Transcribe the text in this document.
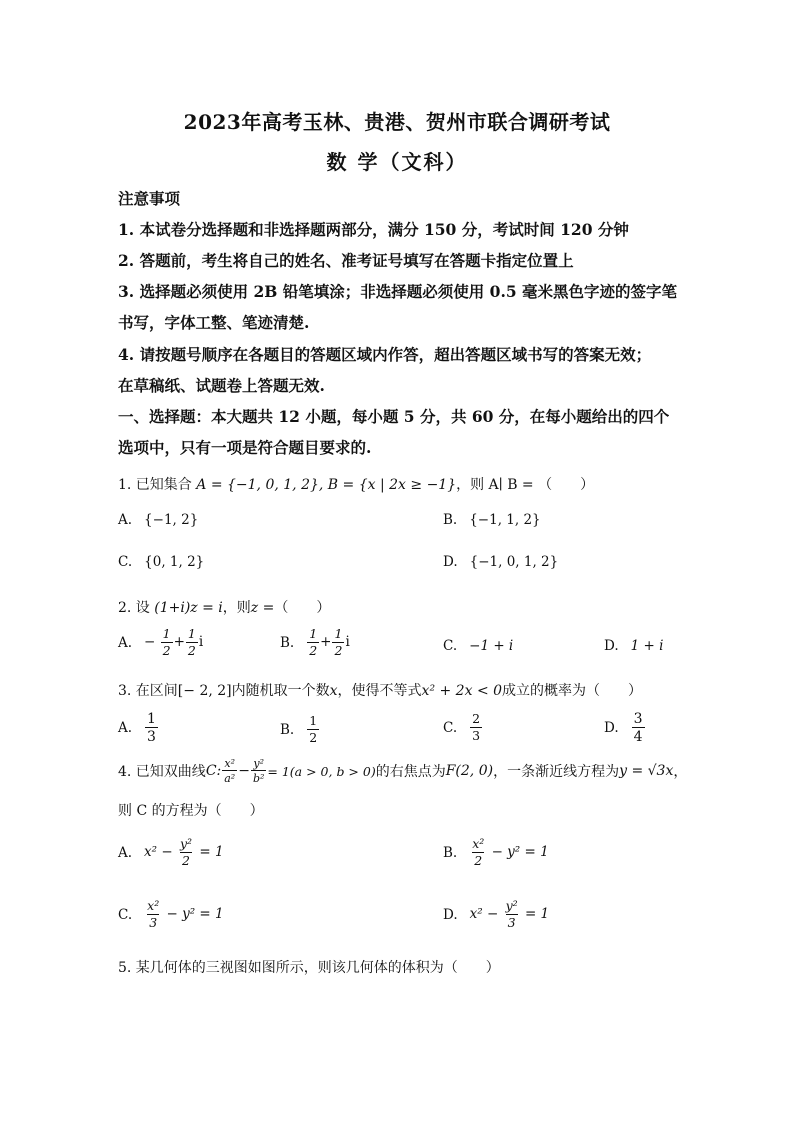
2023年高考玉林、贵港、贺州市联合调研考试
数 学（文科）
注意事项
1. 本试卷分选择题和非选择题两部分，满分 150 分，考试时间 120 分钟
2. 答题前，考生将自己的姓名、准考证号填写在答题卡指定位置上
3. 选择题必须使用 2B 铅笔填涂；非选择题必须使用 0.5 毫米黑色字迹的签字笔
书写，字体工整、笔迹清楚.
4. 请按题号顺序在各题目的答题区域内作答，超出答题区域书写的答案无效；
在草稿纸、试题卷上答题无效.
一、选择题：本大题共 12 小题，每小题 5 分，共 60 分，在每小题给出的四个
选项中，只有一项是符合题目要求的.
1. 已知集合 A = {−1, 0, 1, 2}, B = {x | 2x ≥ −1}，则 A∣ B = （　　）
A. {−1, 2}	B. {−1, 1, 2}
C. {0, 1, 2}	D. {−1, 0, 1, 2}
2. 设 (1+i)z = i，则z =（　　）
A. − $\frac{1}{2} + \frac{1}{2}$ i	B. $\frac{1}{2} + \frac{1}{2}$ i	C. −1 + i	D. 1 + i
3. 在区间[− 2, 2]内随机取一个数x，使得不等式x² + 2x < 0成立的概率为（　　）
A. $\frac{1}{3}$	B. $\frac{1}{2}$	C. $\frac{2}{3}$	D. $\frac{3}{4}$
4. 已知双曲线 C: $\frac{\text{x²}}{\text{a²}} - \frac{\text{y²}}{\text{b²}} = 1(a > 0$, b > 0) 的右焦点为 F(2, 0) ，一条渐近线方程为 y = √3x ，
则 C 的方程为（　　）
A. $x^2 - \frac{\text{y²}}{2} = 1$	B. $\frac{\text{x²}}{2} - y^2 = 1$
C. $\frac{\text{x²}}{3} - y^2 = 1$	D. $x^2 - \frac{\text{y²}}{3} = 1$
5. 某几何体的三视图如图所示，则该几何体的体积为（　　）
